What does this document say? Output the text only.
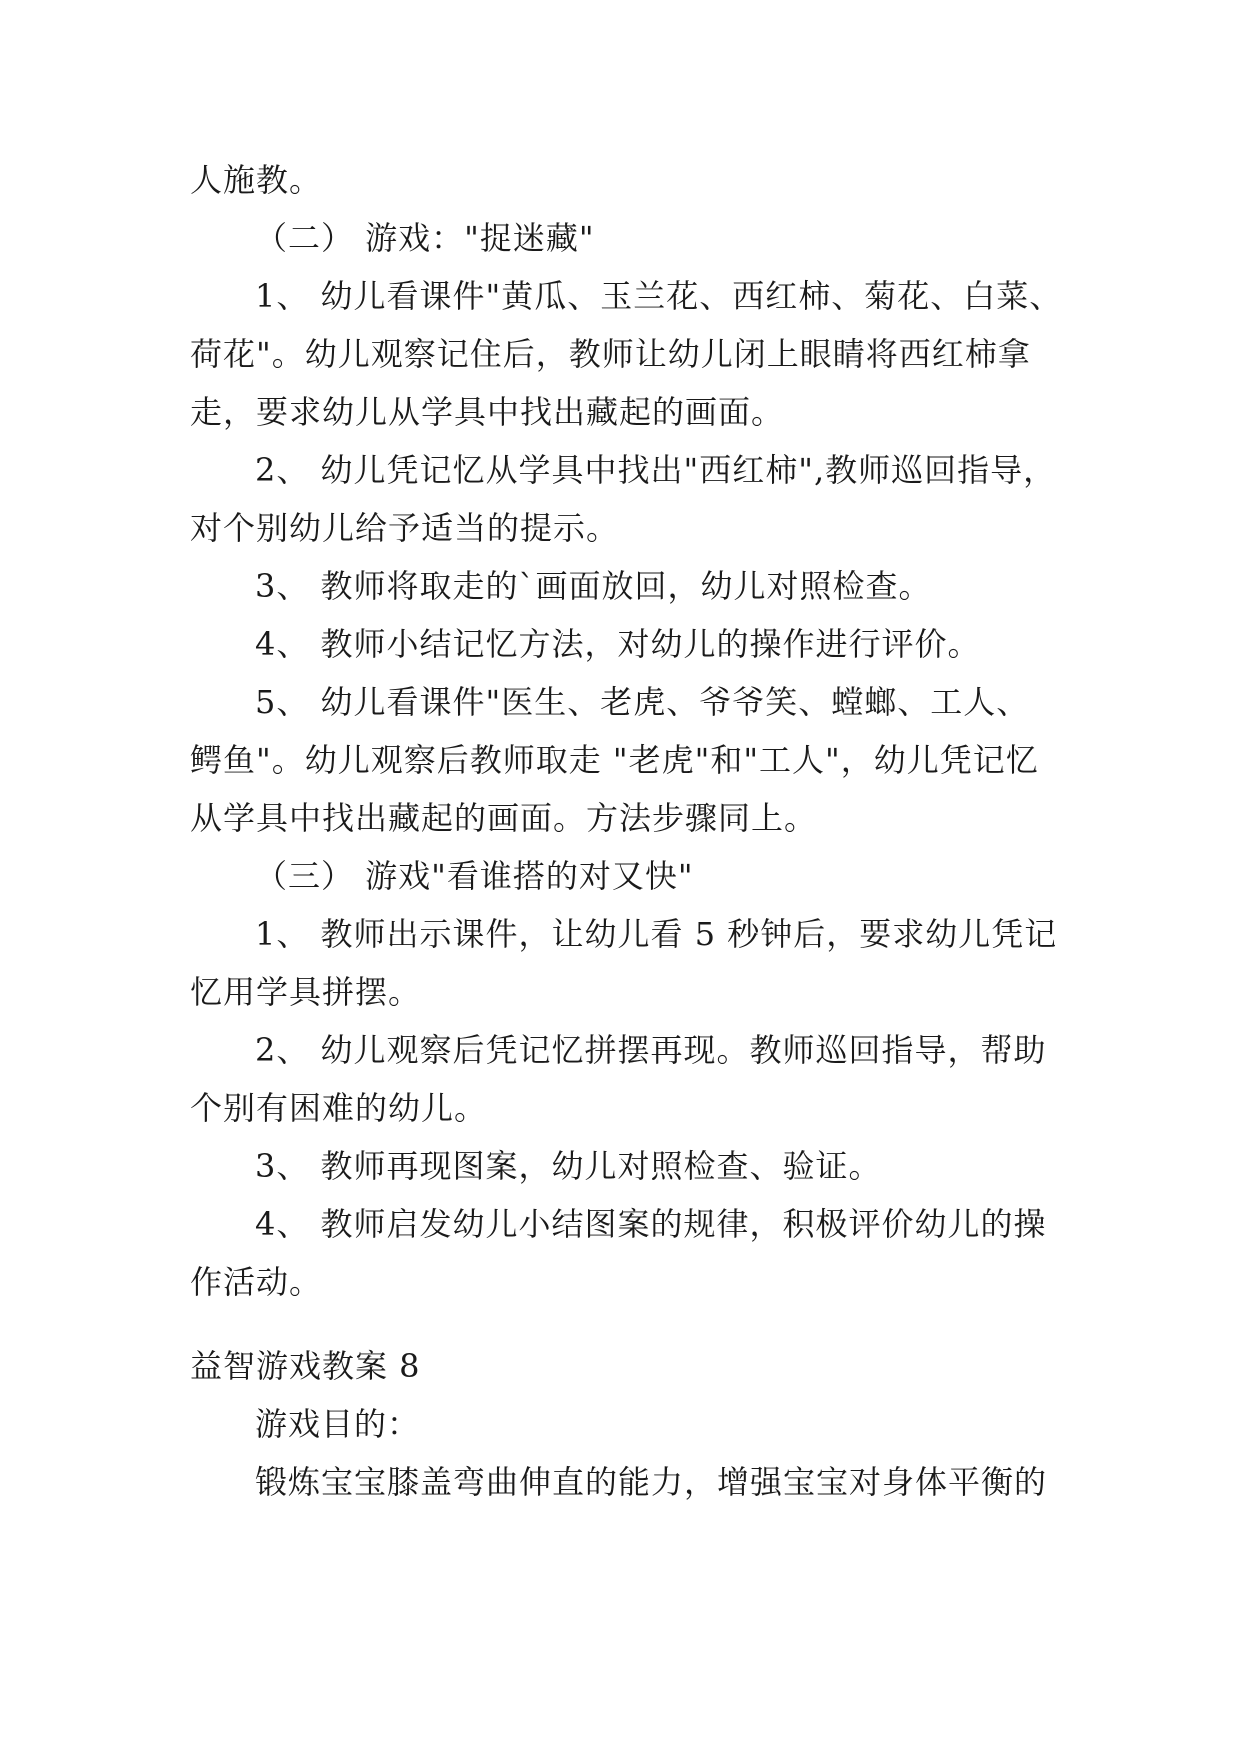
人施教。
（二） 游戏："捉迷藏"
1、 幼儿看课件"黄瓜、玉兰花、西红柿、菊花、白菜、
荷花"。幼儿观察记住后，教师让幼儿闭上眼睛将西红柿拿
走，要求幼儿从学具中找出藏起的画面。
2、 幼儿凭记忆从学具中找出"西红柿",教师巡回指导，
对个别幼儿给予适当的提示。
3、 教师将取走的`画面放回，幼儿对照检查。
4、 教师小结记忆方法，对幼儿的操作进行评价。
5、 幼儿看课件"医生、老虎、爷爷笑、螳螂、工人、
鳄鱼"。幼儿观察后教师取走 "老虎"和"工人"，幼儿凭记忆
从学具中找出藏起的画面。方法步骤同上。
（三） 游戏"看谁搭的对又快"
1、 教师出示课件，让幼儿看 5 秒钟后，要求幼儿凭记
忆用学具拼摆。
2、 幼儿观察后凭记忆拼摆再现。教师巡回指导，帮助
个别有困难的幼儿。
3、 教师再现图案，幼儿对照检查、验证。
4、 教师启发幼儿小结图案的规律，积极评价幼儿的操
作活动。
益智游戏教案 8
游戏目的：
锻炼宝宝膝盖弯曲伸直的能力，增强宝宝对身体平衡的
